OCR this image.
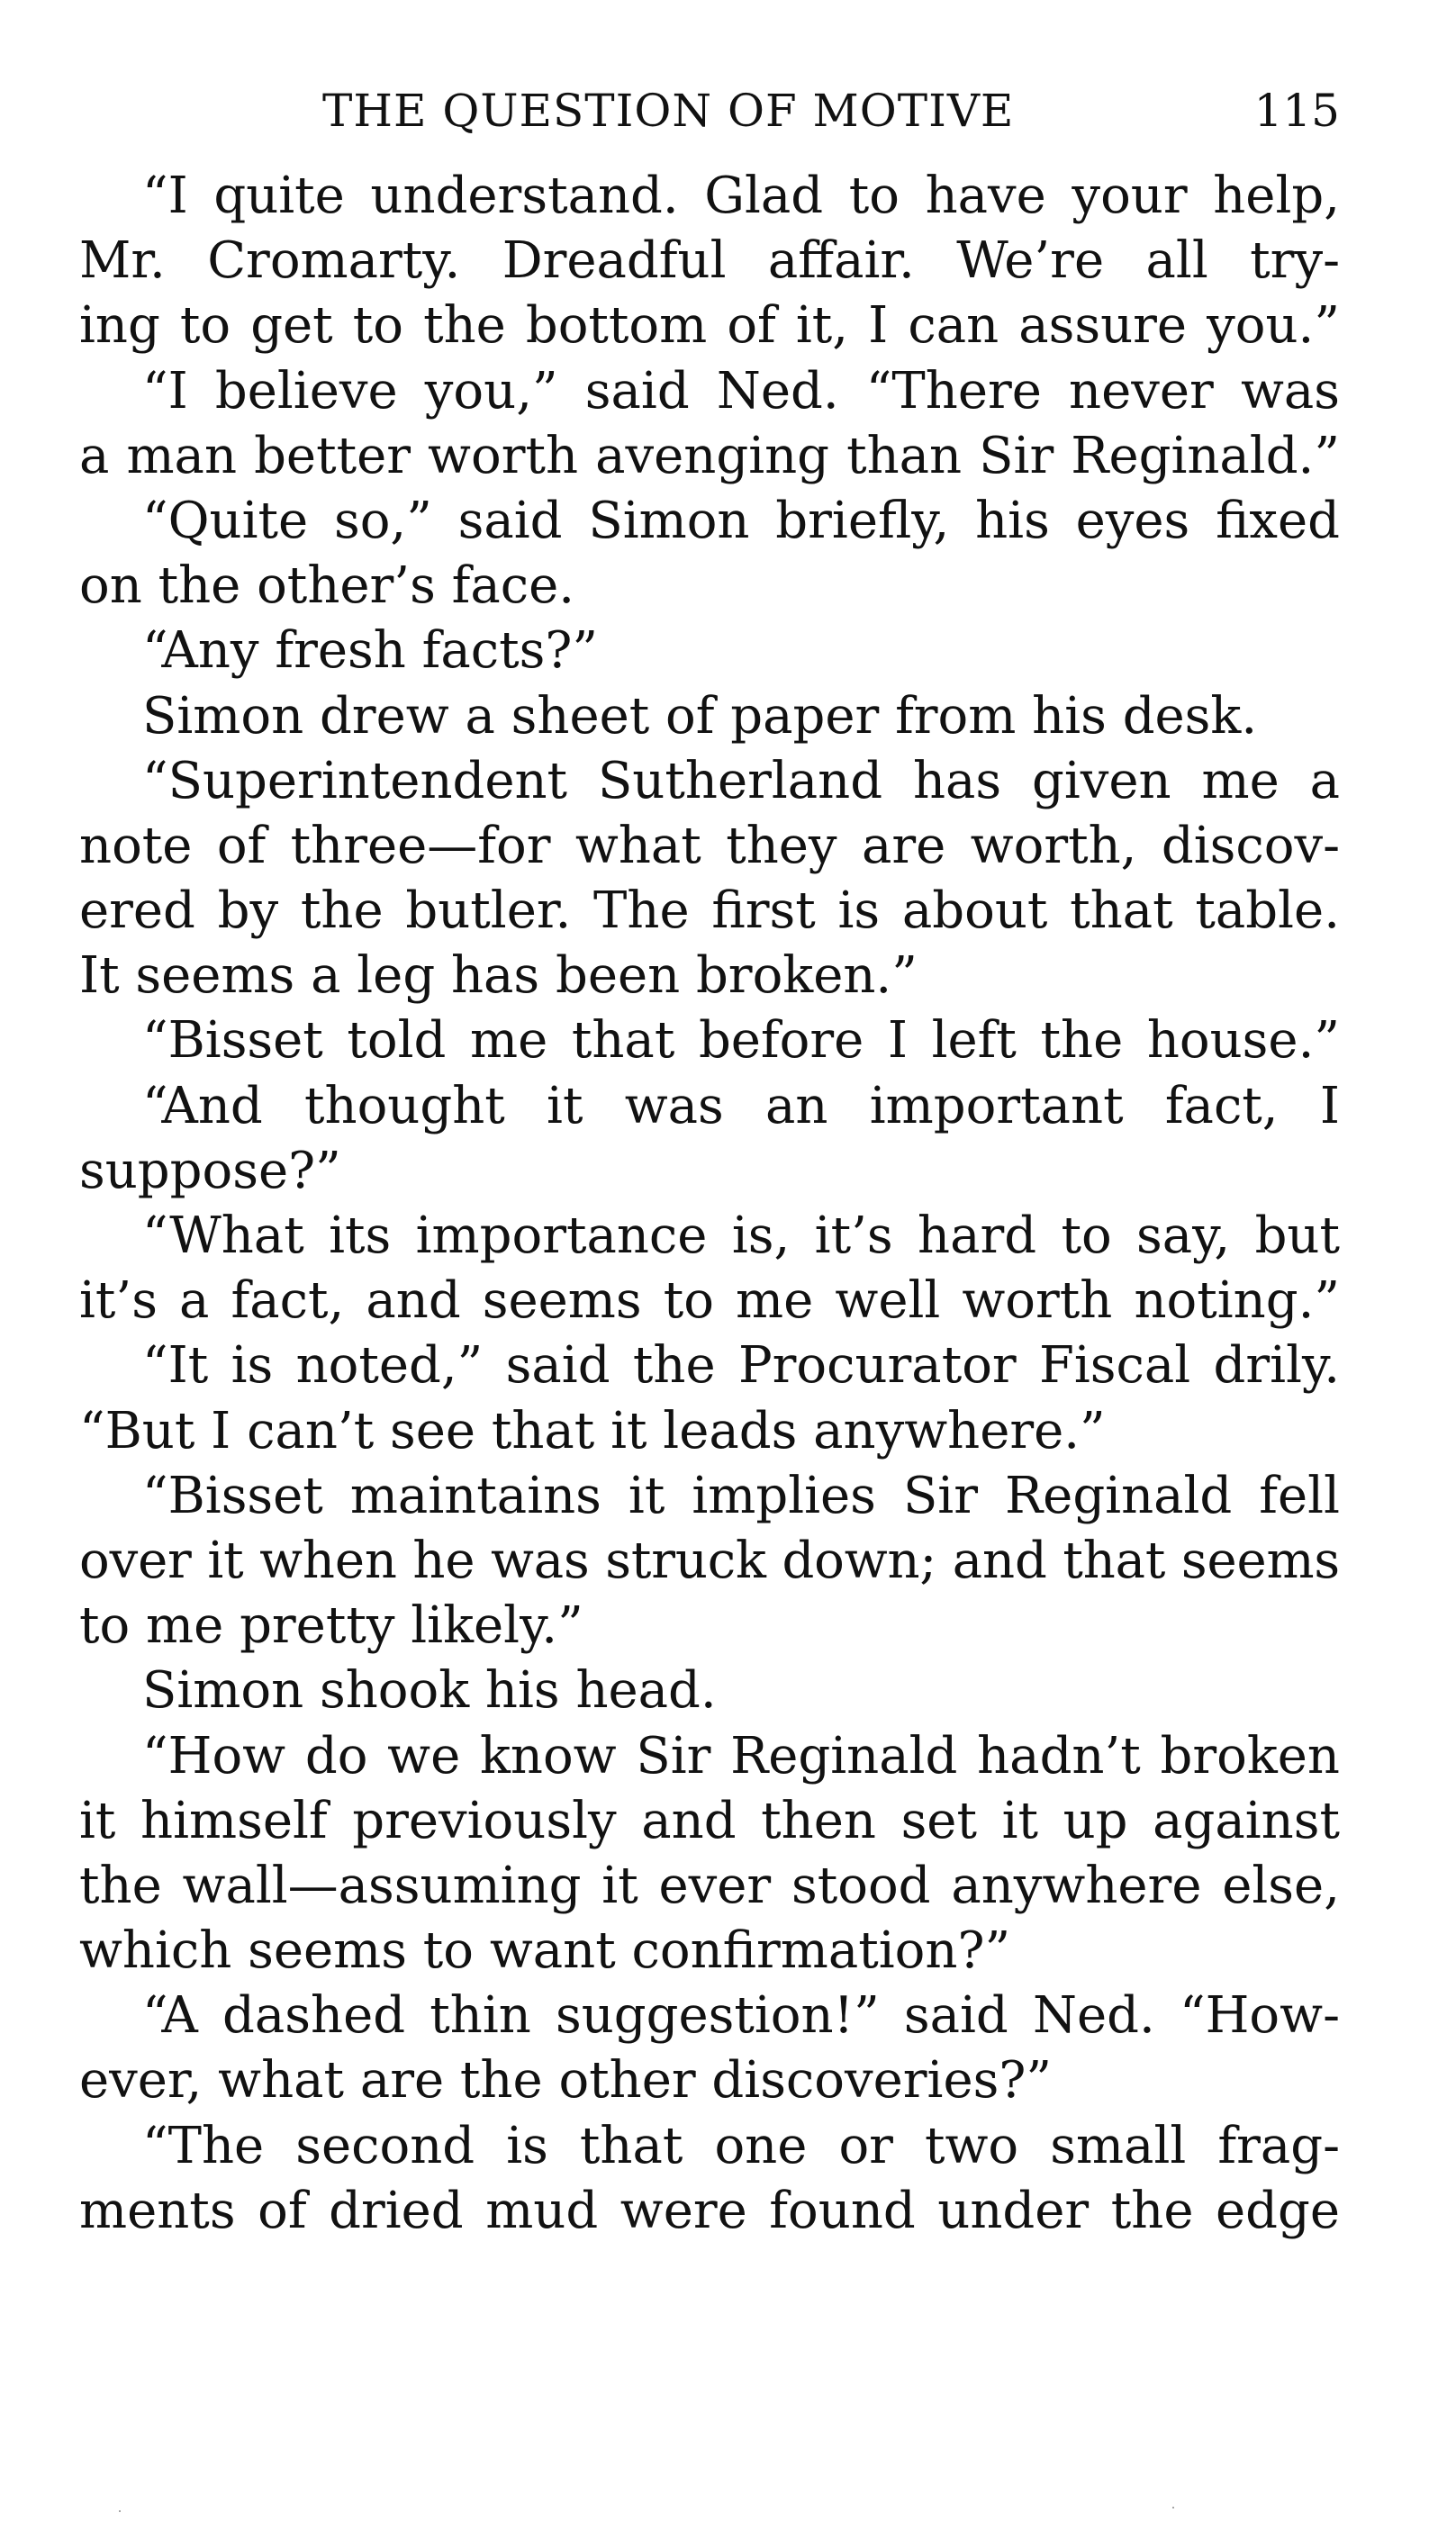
THE QUESTION OF MOTIVE	115
“I quite understand. Glad to have your help,
Mr. Cromarty. Dreadful affair. We’re all try-
ing to get to the bottom of it, I can assure you.”
“I believe you,” said Ned. “There never was
a man better worth avenging than Sir Reginald.”
“Quite so,” said Simon briefly, his eyes fixed
on the other’s face.
“Any fresh facts?”
Simon drew a sheet of paper from his desk.
“Superintendent Sutherland has given me a
note of three—for what they are worth, discov-
ered by the butler. The first is about that table.
It seems a leg has been broken.”
“Bisset told me that before I left the house.”
“And thought it was an important fact, I
suppose?”
“What its importance is, it’s hard to say, but
it’s a fact, and seems to me well worth noting.”
“It is noted,” said the Procurator Fiscal drily.
“But I can’t see that it leads anywhere.”
“Bisset maintains it implies Sir Reginald fell
over it when he was struck down; and that seems
to me pretty likely.”
Simon shook his head.
“How do we know Sir Reginald hadn’t broken
it himself previously and then set it up against
the wall—assuming it ever stood anywhere else,
which seems to want confirmation?”
“A dashed thin suggestion!” said Ned. “How-
ever, what are the other discoveries?”
“The second is that one or two small frag-
ments of dried mud were found under the edge
